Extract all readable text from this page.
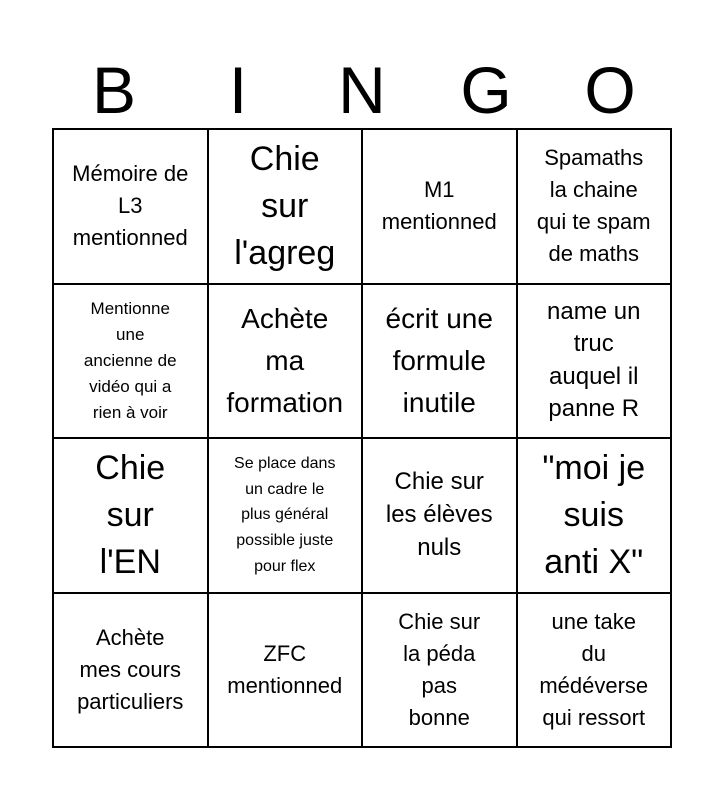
B	I	N	G	O
Mémoire de
L3
mentionned
Chie
sur
l'agreg
M1
mentionned
Spamaths
la chaine
qui te spam
de maths
Mentionne
une
ancienne de
vidéo qui a
rien à voir
Achète
ma
formation
écrit une
formule
inutile
name un
truc
auquel il
panne R
Chie
sur
l'EN
Se place dans
un cadre le
plus général
possible juste
pour flex
Chie sur
les élèves
nuls
"moi je
suis
anti X"
Achète
mes cours
particuliers
ZFC
mentionned
Chie sur
la péda
pas
bonne
une take
du
médéverse
qui ressort
